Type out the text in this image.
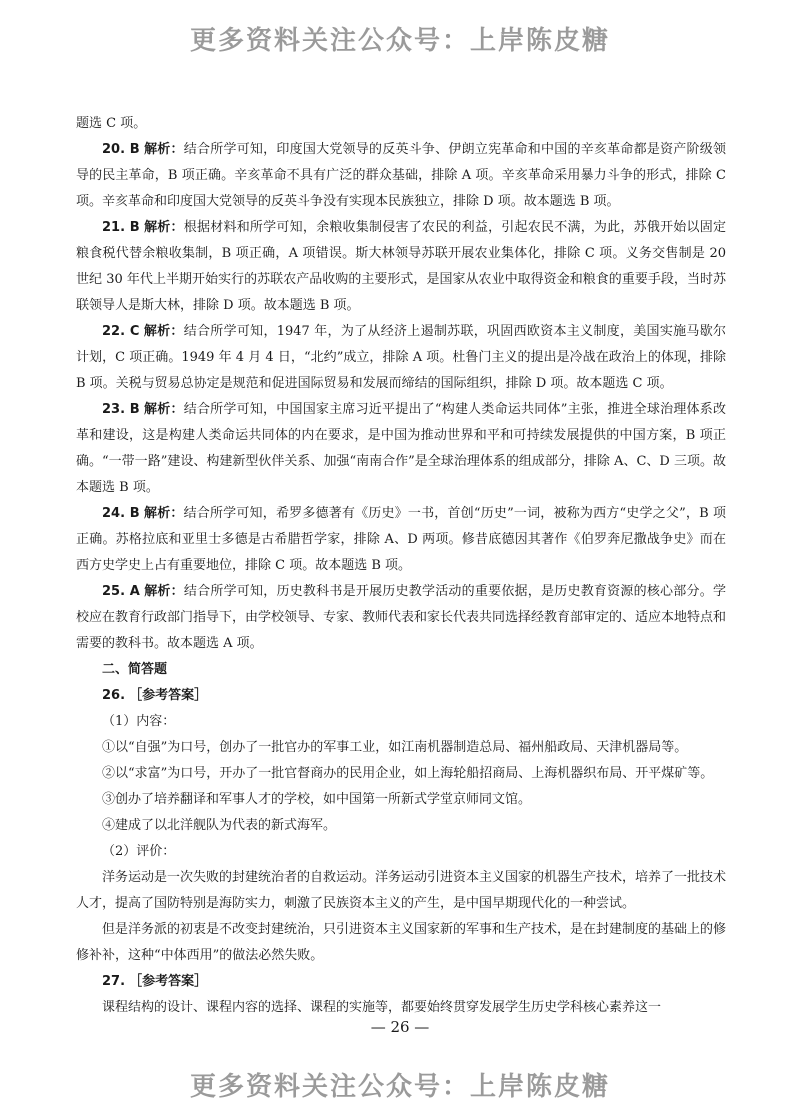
更多资料关注公众号：上岸陈皮糖

题选 C 项。

20. B 解析：结合所学可知，印度国大党领导的反英斗争、伊朗立宪革命和中国的辛亥革命都是资产阶级领导的民主革命，B 项正确。辛亥革命不具有广泛的群众基础，排除 A 项。辛亥革命采用暴力斗争的形式，排除 C 项。辛亥革命和印度国大党领导的反英斗争没有实现本民族独立，排除 D 项。故本题选 B 项。

21. B 解析：根据材料和所学可知，余粮收集制侵害了农民的利益，引起农民不满，为此，苏俄开始以固定粮食税代替余粮收集制，B 项正确，A 项错误。斯大林领导苏联开展农业集体化，排除 C 项。义务交售制是 20 世纪 30 年代上半期开始实行的苏联农产品收购的主要形式，是国家从农业中取得资金和粮食的重要手段，当时苏联领导人是斯大林，排除 D 项。故本题选 B 项。

22. C 解析：结合所学可知，1947 年，为了从经济上遏制苏联，巩固西欧资本主义制度，美国实施马歇尔计划，C 项正确。1949 年 4 月 4 日，“北约”成立，排除 A 项。杜鲁门主义的提出是冷战在政治上的体现，排除 B 项。关税与贸易总协定是规范和促进国际贸易和发展而缔结的国际组织，排除 D 项。故本题选 C 项。

23. B 解析：结合所学可知，中国国家主席习近平提出了“构建人类命运共同体”主张，推进全球治理体系改革和建设，这是构建人类命运共同体的内在要求，是中国为推动世界和平和可持续发展提供的中国方案，B 项正确。“一带一路”建设、构建新型伙伴关系、加强“南南合作”是全球治理体系的组成部分，排除 A、C、D 三项。故本题选 B 项。

24. B 解析：结合所学可知，希罗多德著有《历史》一书，首创“历史”一词，被称为西方“史学之父”，B 项正确。苏格拉底和亚里士多德是古希腊哲学家，排除 A、D 两项。修昔底德因其著作《伯罗奔尼撒战争史》而在西方史学史上占有重要地位，排除 C 项。故本题选 B 项。

25. A 解析：结合所学可知，历史教科书是开展历史教学活动的重要依据，是历史教育资源的核心部分。学校应在教育行政部门指导下，由学校领导、专家、教师代表和家长代表共同选择经教育部审定的、适应本地特点和需要的教科书。故本题选 A 项。

二、简答题

26. ［参考答案］

（1）内容：

①以“自强”为口号，创办了一批官办的军事工业，如江南机器制造总局、福州船政局、天津机器局等。

②以“求富”为口号，开办了一批官督商办的民用企业，如上海轮船招商局、上海机器织布局、开平煤矿等。

③创办了培养翻译和军事人才的学校，如中国第一所新式学堂京师同文馆。

④建成了以北洋舰队为代表的新式海军。

（2）评价：

洋务运动是一次失败的封建统治者的自救运动。洋务运动引进资本主义国家的机器生产技术，培养了一批技术人才，提高了国防特别是海防实力，刺激了民族资本主义的产生，是中国早期现代化的一种尝试。

但是洋务派的初衷是不改变封建统治，只引进资本主义国家新的军事和生产技术，是在封建制度的基础上的修修补补，这种“中体西用”的做法必然失败。

27. ［参考答案］

课程结构的设计、课程内容的选择、课程的实施等，都要始终贯穿发展学生历史学科核心素养这一

— 26 —
更多资料关注公众号：上岸陈皮糖
